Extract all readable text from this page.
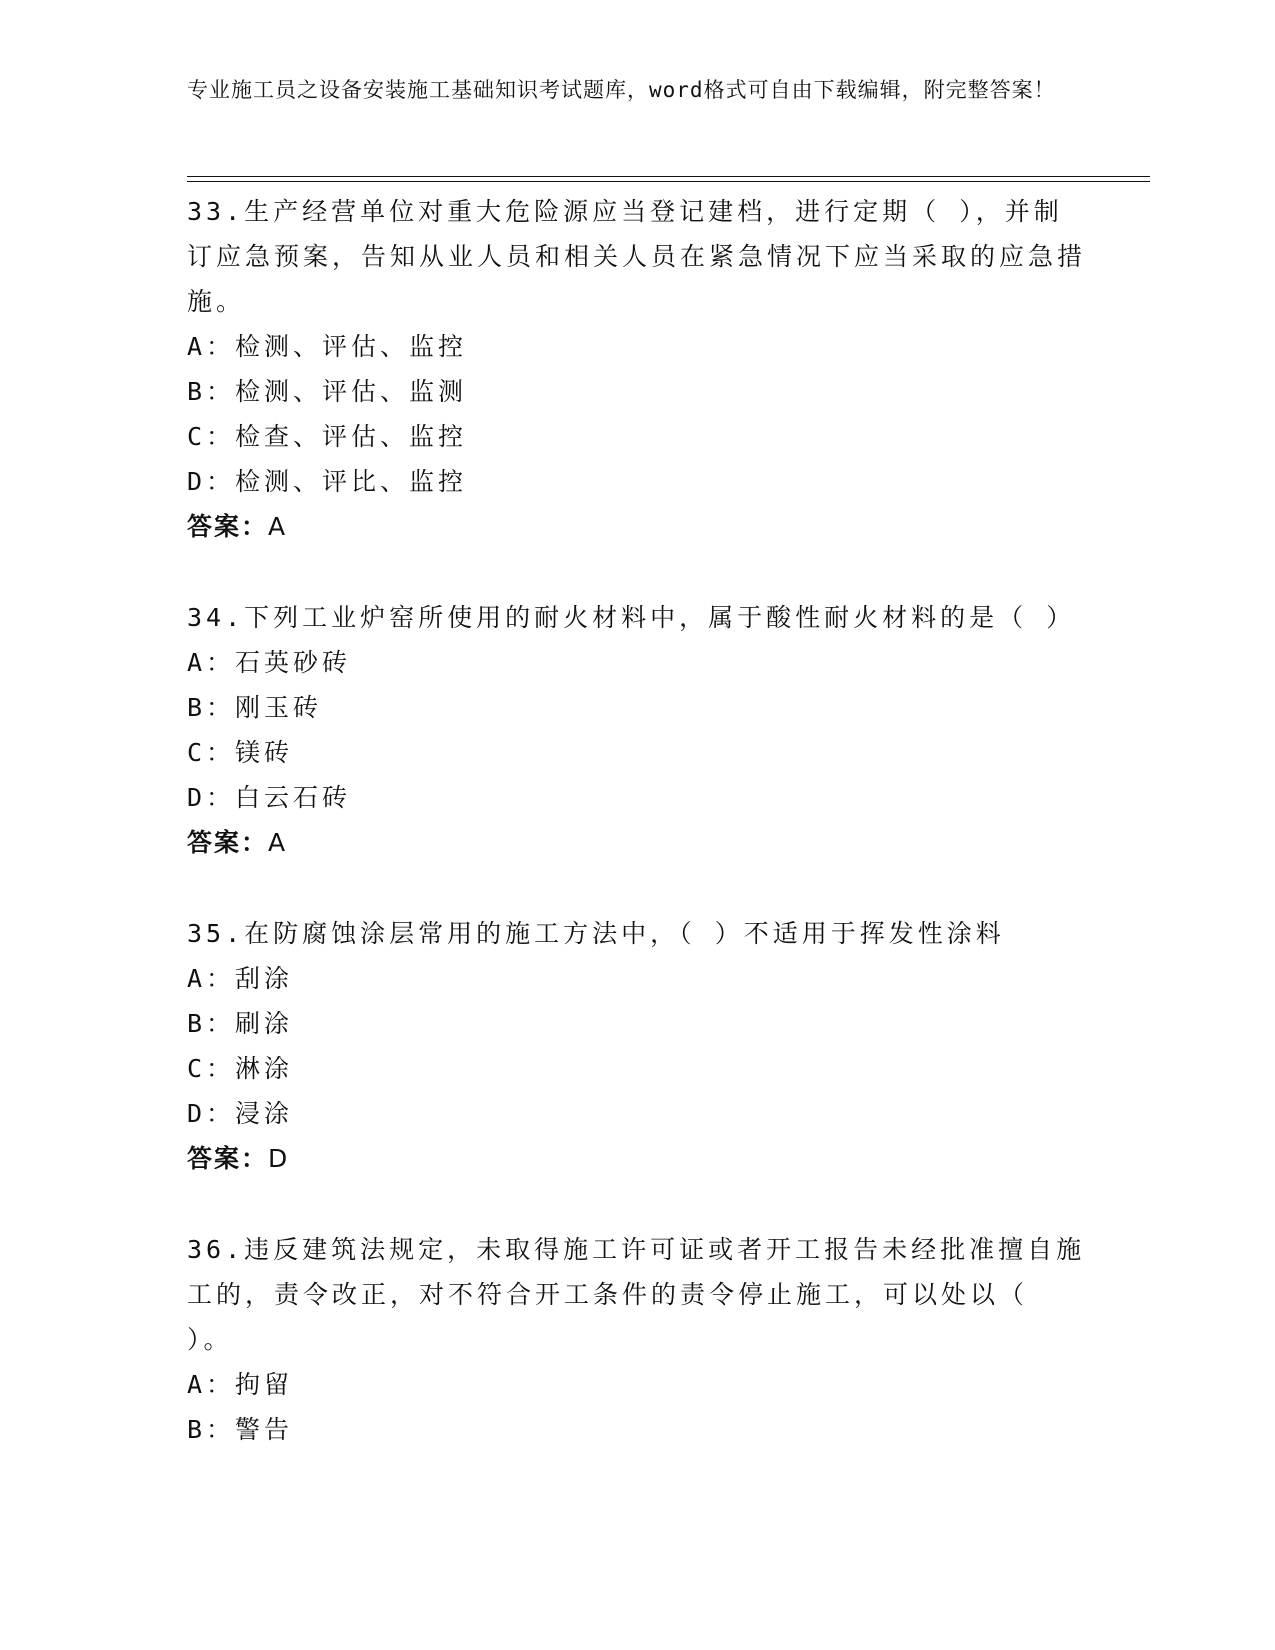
专业施工员之设备安装施工基础知识考试题库，word格式可自由下载编辑，附完整答案！

33.生产经营单位对重大危险源应当登记建档，进行定期（ ），并制订应急预案，告知从业人员和相关人员在紧急情况下应当采取的应急措施。

A：检测、评估、监控

B：检测、评估、监测

C：检查、评估、监控

D：检测、评比、监控

答案：A

34.下列工业炉窑所使用的耐火材料中，属于酸性耐火材料的是（ ）

A：石英砂砖

B：刚玉砖

C：镁砖

D：白云石砖

答案：A

35.在防腐蚀涂层常用的施工方法中，（ ）不适用于挥发性涂料

A：刮涂

B：刷涂

C：淋涂

D：浸涂

答案：D

36.违反建筑法规定，未取得施工许可证或者开工报告未经批准擅自施工的，责令改正，对不符合开工条件的责令停止施工，可以处以（ ）。

A：拘留

B：警告
